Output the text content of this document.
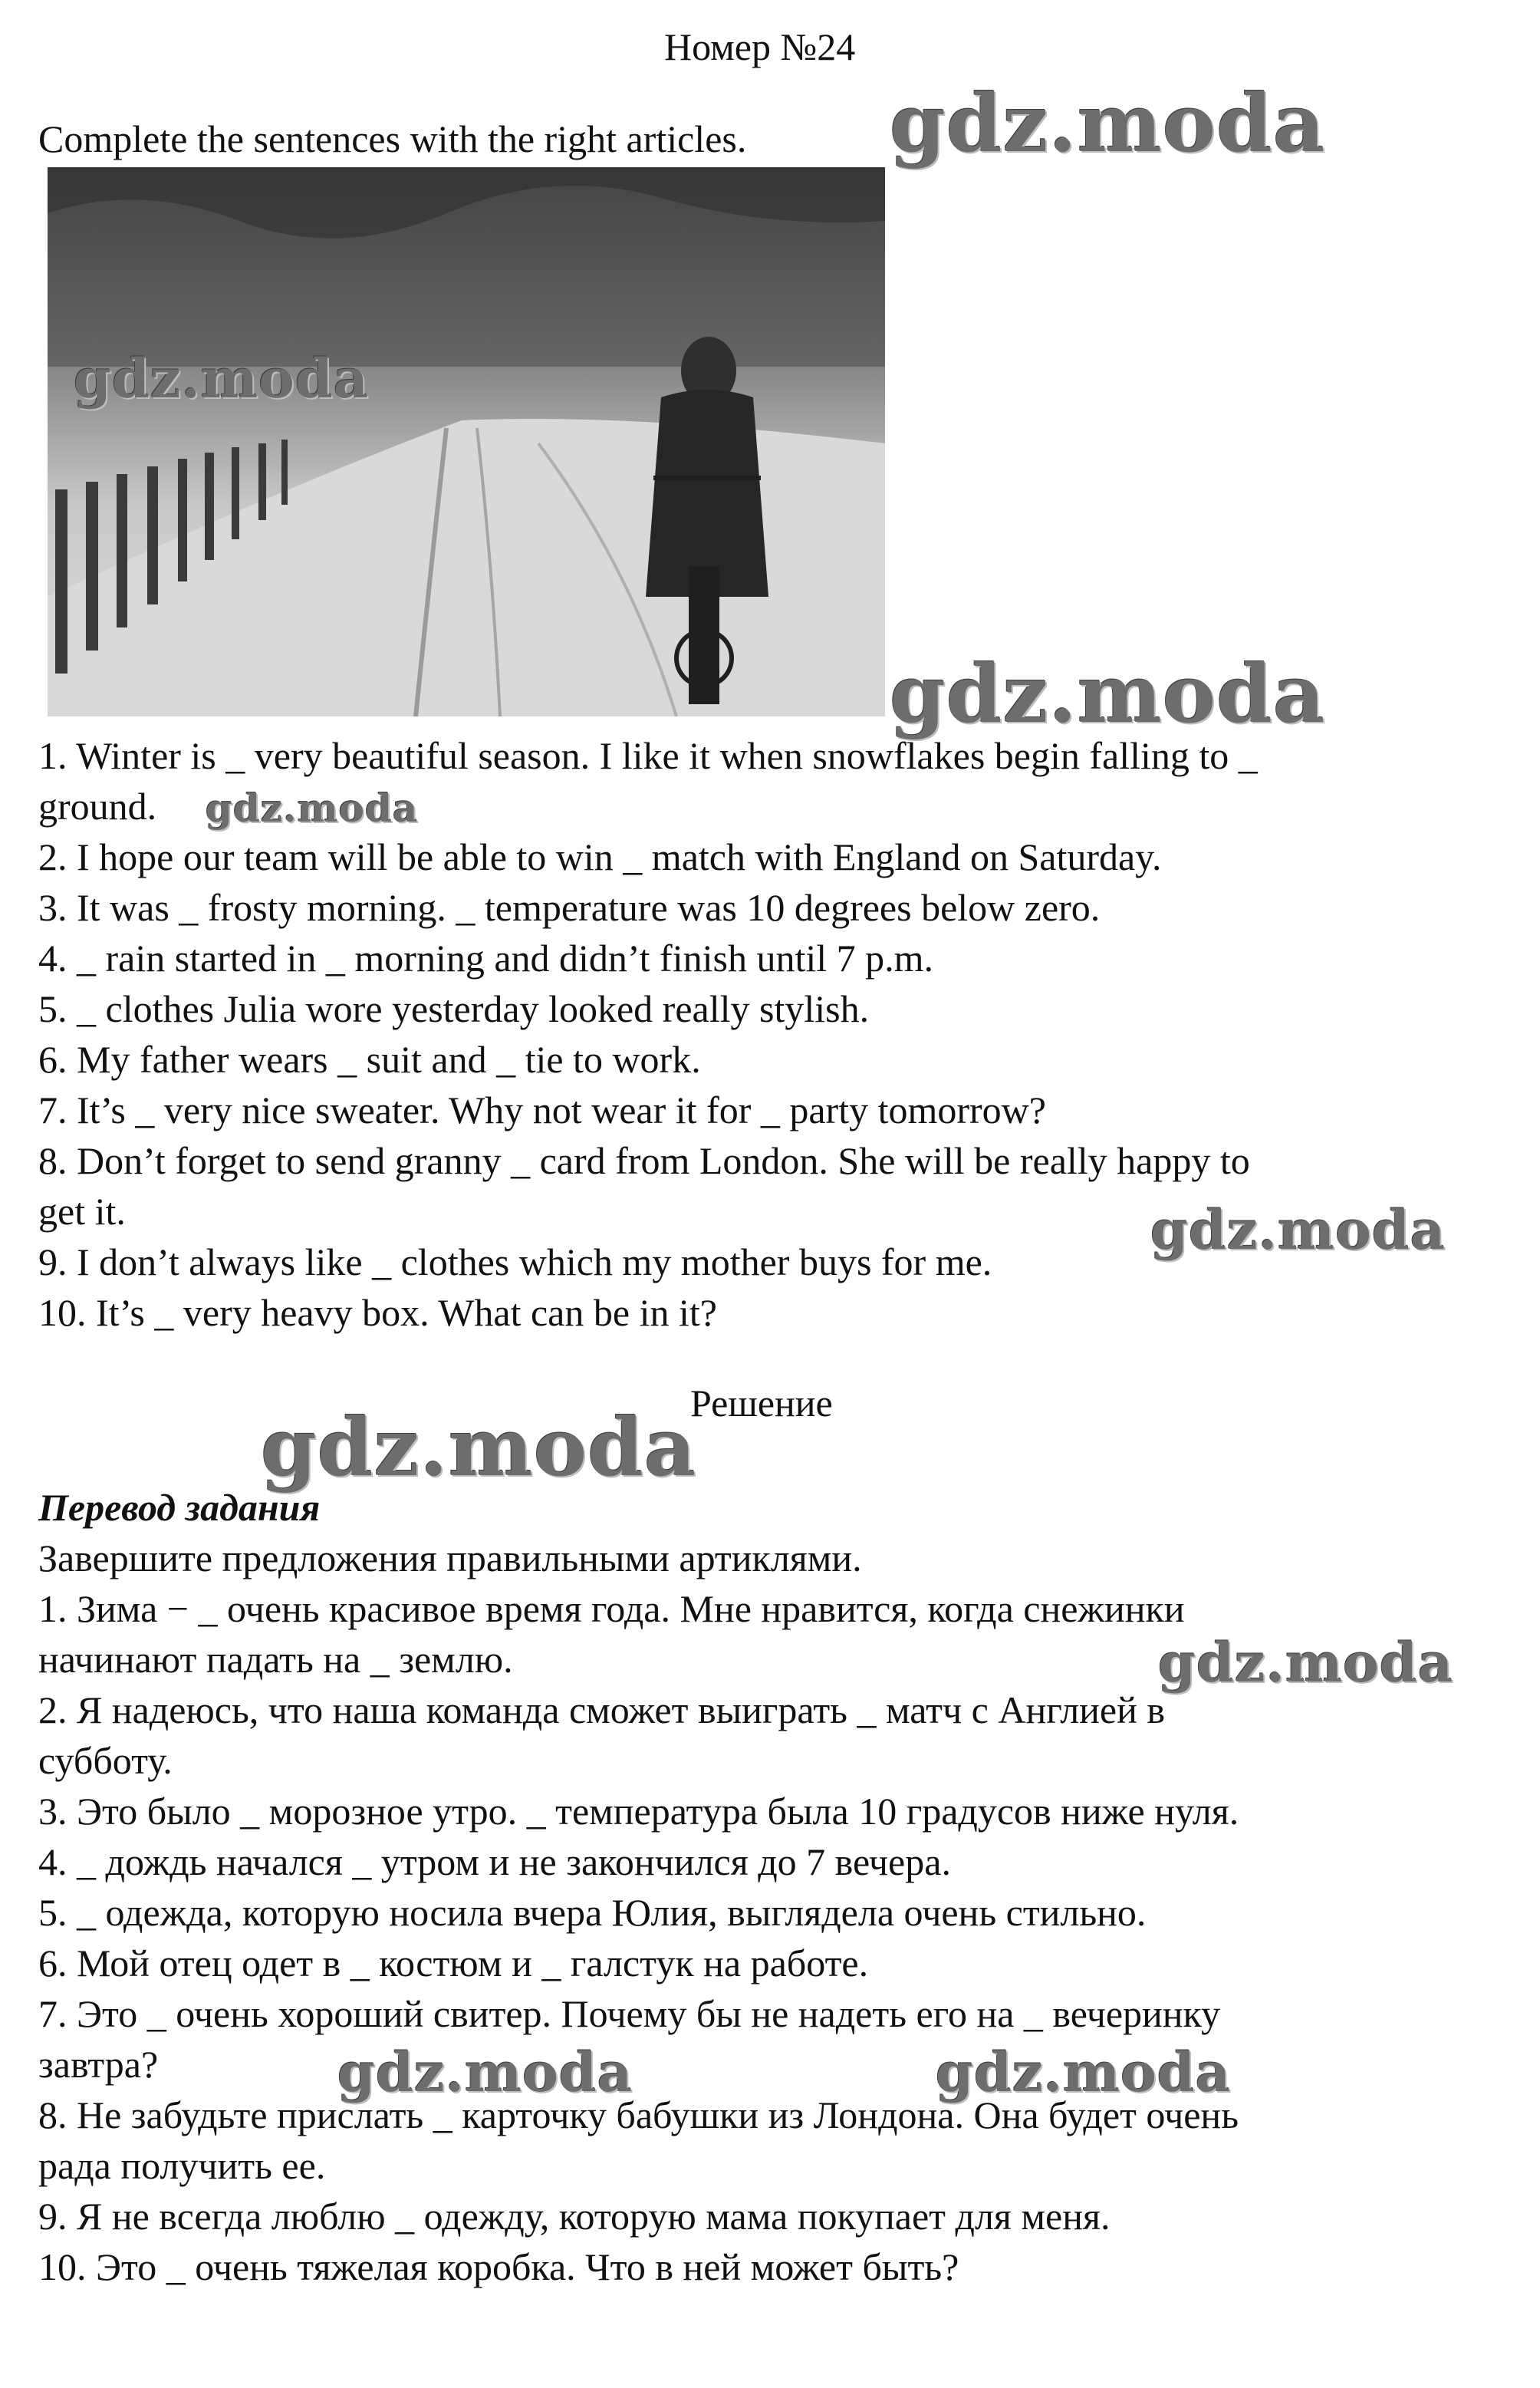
Номер №24
Complete the sentences with the right articles.
1. Winter is _ very beautiful season. I like it when snowflakes begin falling to _
ground.
2. I hope our team will be able to win _ match with England on Saturday.
3. It was _ frosty morning. _ temperature was 10 degrees below zero.
4. _ rain started in _ morning and didn’t finish until 7 p.m.
5. _ clothes Julia wore yesterday looked really stylish.
6. My father wears _ suit and _ tie to work.
7. It’s _ very nice sweater. Why not wear it for _ party tomorrow?
8. Don’t forget to send granny _ card from London. She will be really happy to
get it.
9. I don’t always like _ clothes which my mother buys for me.
10. It’s _ very heavy box. What can be in it?
Решение
Перевод задания
Завершите предложения правильными артиклями.
1. Зима − _ очень красивое время года. Мне нравится, когда снежинки
начинают падать на _ землю.
2. Я надеюсь, что наша команда сможет выиграть _ матч с Англией в
субботу.
3. Это было _ морозное утро. _ температура была 10 градусов ниже нуля.
4. _ дождь начался _ утром и не закончился до 7 вечера.
5. _ одежда, которую носила вчера Юлия, выглядела очень стильно.
6. Мой отец одет в _ костюм и _ галстук на работе.
7. Это _ очень хороший свитер. Почему бы не надеть его на _ вечеринку
завтра?
8. Не забудьте прислать _ карточку бабушки из Лондона. Она будет очень
рада получить ее.
9. Я не всегда люблю _ одежду, которую мама покупает для меня.
10. Это _ очень тяжелая коробка. Что в ней может быть?
gdz.moda
gdz.moda
gdz.moda
gdz.moda
gdz.moda
gdz.moda
gdz.moda
gdz.moda	gdz.moda
